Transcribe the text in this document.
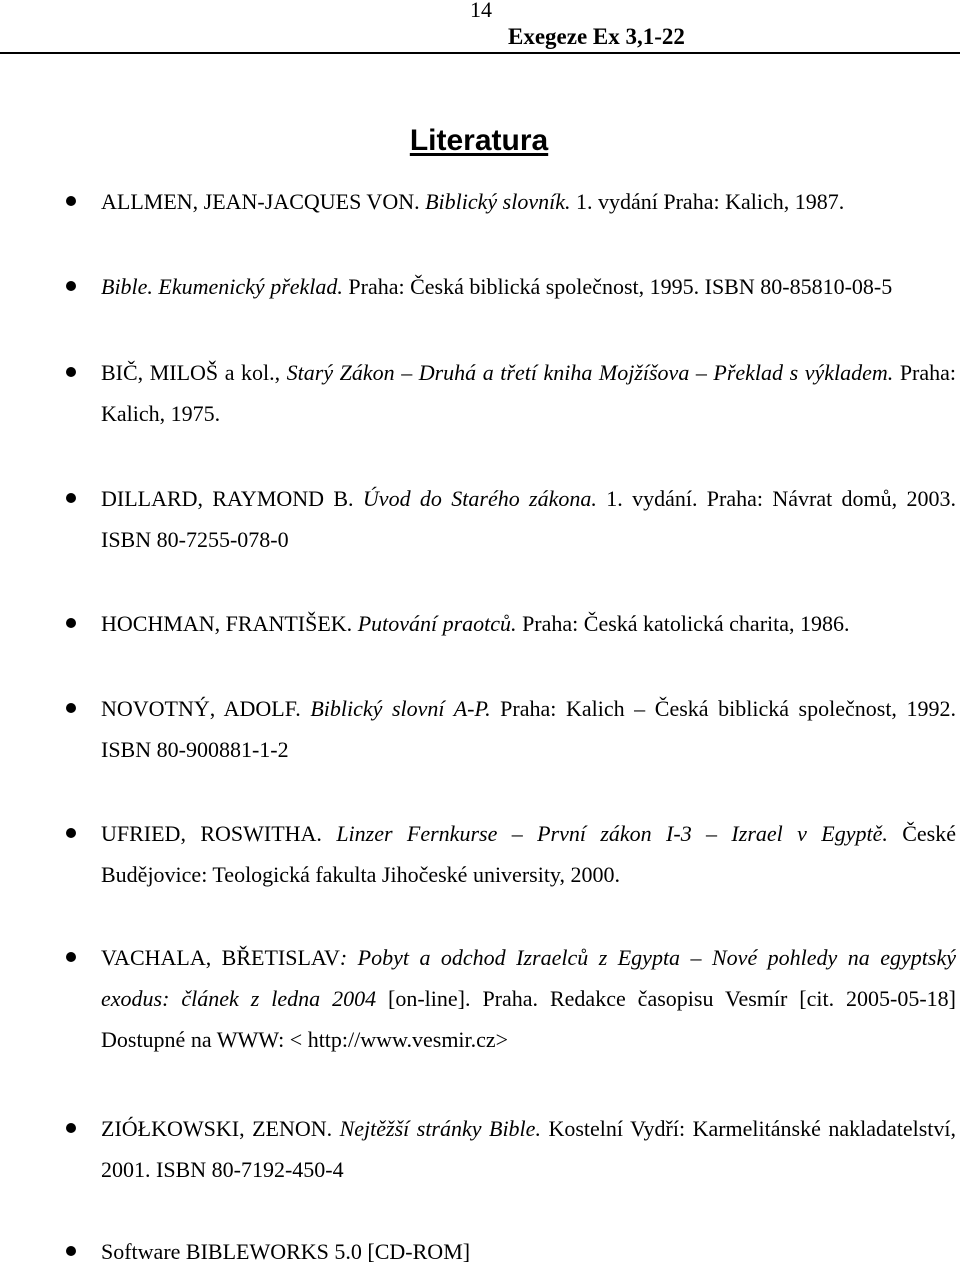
14
Exegeze Ex 3,1-22
Literatura
ALLMEN, JEAN-JACQUES VON. Biblický slovník. 1. vydání Praha: Kalich, 1987.
Bible. Ekumenický překlad. Praha: Česká biblická společnost, 1995. ISBN 80-85810-08-5
BIČ, MILOŠ a kol., Starý Zákon – Druhá a třetí kniha Mojžíšova – Překlad s výkladem. Praha: Kalich, 1975.
DILLARD, RAYMOND B. Úvod do Starého zákona. 1. vydání. Praha: Návrat domů, 2003. ISBN 80-7255-078-0
HOCHMAN, FRANTIŠEK. Putování praotců. Praha: Česká katolická charita, 1986.
NOVOTNÝ, ADOLF. Biblický slovní A-P. Praha: Kalich – Česká biblická společnost, 1992. ISBN 80-900881-1-2
UFRIED, ROSWITHA. Linzer Fernkurse – První zákon I-3 – Izrael v Egyptě. České Budějovice: Teologická fakulta Jihočeské university, 2000.
VACHALA, BŘETISLAV: Pobyt a odchod Izraelců z Egypta – Nové pohledy na egyptský exodus: článek z ledna 2004 [on-line]. Praha. Redakce časopisu Vesmír [cit. 2005-05-18] Dostupné na WWW: < http://www.vesmir.cz>
ZIÓŁKOWSKI, ZENON. Nejtěžší stránky Bible. Kostelní Vydří: Karmelitánské nakladatelství, 2001. ISBN 80-7192-450-4
Software BIBLEWORKS 5.0 [CD-ROM]
